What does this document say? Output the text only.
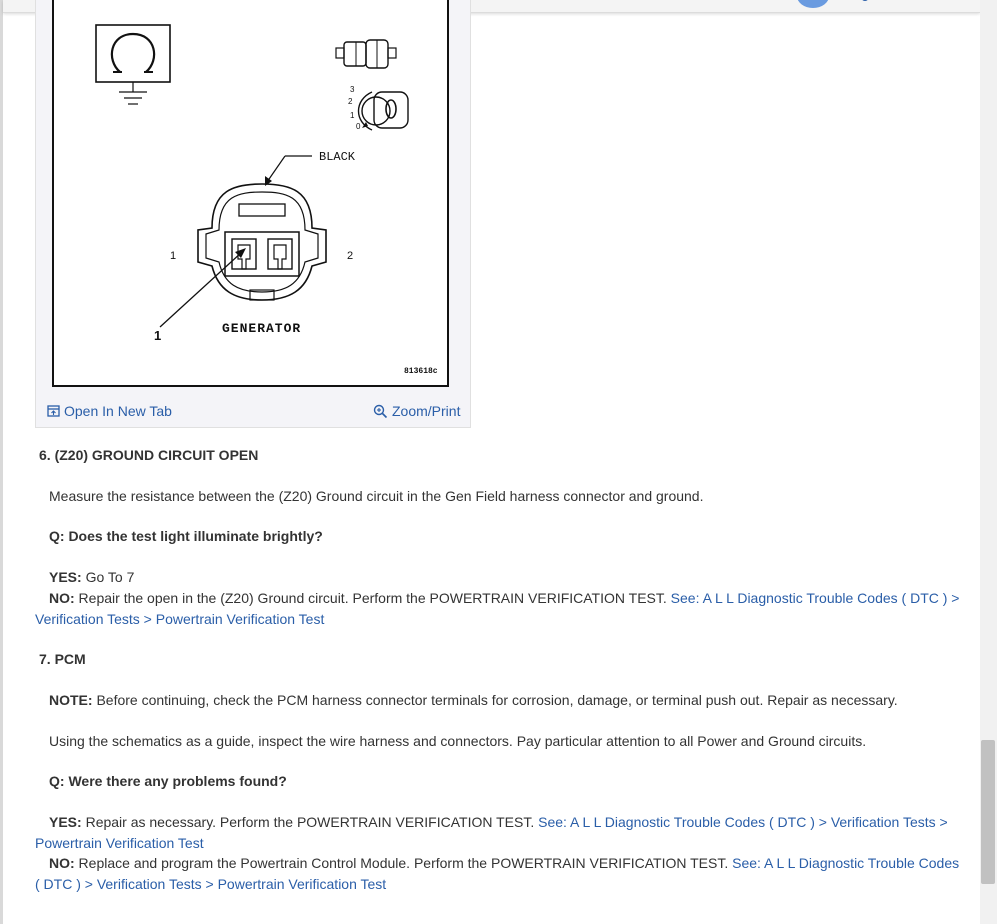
3
2
1
0
BLACK
1	2
1	GENERATOR
813618c
Open In New Tab	Zoom/Print
6. (Z20) GROUND CIRCUIT OPEN
Measure the resistance between the (Z20) Ground circuit in the Gen Field harness connector and ground.
Q: Does the test light illuminate brightly?
YES: Go To 7
NO: Repair the open in the (Z20) Ground circuit. Perform the POWERTRAIN VERIFICATION TEST. See: A L L Diagnostic Trouble Codes ( DTC ) > Verification Tests > Powertrain Verification Test
7. PCM
NOTE: Before continuing, check the PCM harness connector terminals for corrosion, damage, or terminal push out. Repair as necessary.
Using the schematics as a guide, inspect the wire harness and connectors. Pay particular attention to all Power and Ground circuits.
Q: Were there any problems found?
YES: Repair as necessary. Perform the POWERTRAIN VERIFICATION TEST. See: A L L Diagnostic Trouble Codes ( DTC ) > Verification Tests > Powertrain Verification Test
NO: Replace and program the Powertrain Control Module. Perform the POWERTRAIN VERIFICATION TEST. See: A L L Diagnostic Trouble Codes ( DTC ) > Verification Tests > Powertrain Verification Test
